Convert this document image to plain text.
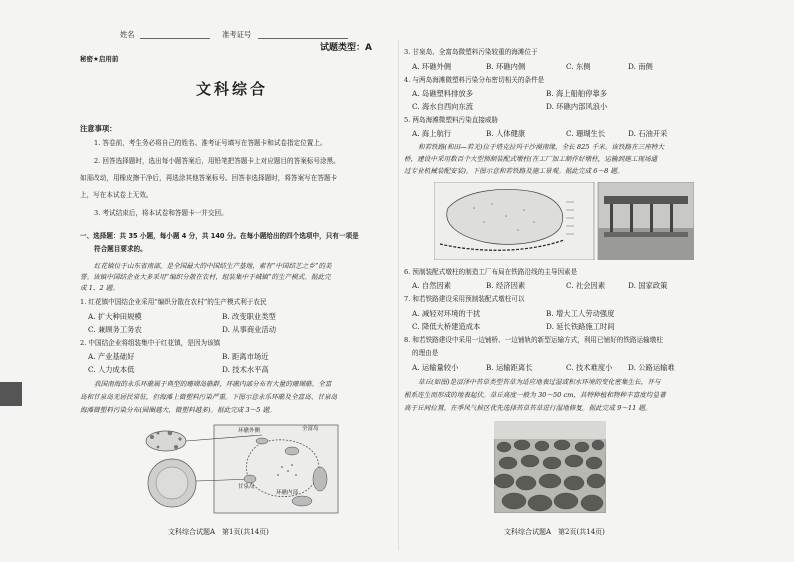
姓名	准考证号
秘密★启用前
文科综合
注意事项：
1. 答卷前，考生务必将自己的姓名、准考证号填写在答题卡和试卷指定位置上。
2. 回答选择题时，选出每小题答案后，用铅笔把答题卡上对应题目的答案标号涂黑。
如需改动，用橡皮擦干净后，再选涂其他答案标号。回答非选择题时，将答案写在答题卡
上，写在本试卷上无效。
3. 考试结束后，将本试卷和答题卡一并交回。
一、选择题：共 35 小题，每小题 4 分，共 140 分。在每小题给出的四个选项中，只有一项是
符合题目要求的。
红花镇位于山东省南部，是全国最大的中国结生产基地，素有“中国结艺之乡”的美
誉。该镇中国结企业大多采用“编织分散在农村，组装集中于城镇”的生产模式。据此完
成 1、2 题。
1. 红花镇中国结企业采用“编织分散在农村”的生产模式利于农民
A. 扩大种田规模	B. 改变职业类型
C. 兼顾务工务农	D. 从事商业活动
2. 中国结企业将组装集中于红花镇，是因为该镇
A. 产业基础好	B. 距离市场近
C. 人力成本低	D. 技术水平高
我国南海的永乐环礁属于典型的珊瑚岛礁群，环礁内部分布有大量的珊瑚礁。全富
岛和甘泉岛无居民常驻，但海滩上微塑料污染严重。下图示意永乐环礁及全富岛、甘泉岛
海滩微塑料污染分布(圆圈越大，微塑料越多)。据此完成 3～5 题。
环礁外侧	全富岛
甘泉岛
环礁内部
文科综合试题A　第1页(共14页)
试题类型：A	3. 甘泉岛、全富岛微塑料污染较重的海滩位于
A. 环礁外侧	B. 环礁内侧	C. 东侧	D. 南侧
4. 与两岛海滩微塑料污染分布密切相关的条件是
A. 岛礁塑料排放多	B. 海上船舶停靠多
C. 海水自西向东流	D. 环礁内部风浪小
5. 两岛海滩微塑料污染直接威胁
A. 海上航行	B. 人体健康	C. 珊瑚生长	D. 石油开采
和若铁路(和田—若羌)位于塔克拉玛干沙漠南缘，全长 825 千米。该铁路在三座特大
桥，建设中采用数百个大型预制装配式墩柱(在工厂加工制作好墩柱，运输到施工现场通
过专业机械装配安装)。下图示意和若铁路及施工景观。据此完成 6～8 题。
6. 预制装配式墩柱的制造工厂布局在铁路沿线的主导因素是
A. 自然因素	B. 经济因素	C. 社会因素	D. 国家政策
7. 和若铁路建设采用预制装配式墩柱可以
A. 减轻对环境的干扰	B. 增大工人劳动强度
C. 降低大桥建造成本	D. 延长铁路施工时间
8. 和若铁路建设中采用一边铺桥、一边铺轨的新型运输方式，利用已铺好的铁路运输墩柱
的理由是
A. 运输量较小	B. 运输距离长	C. 技术难度小 D. 公路运输难
草丘(如图)是沼泽中苔草类型苔草为适应地表过湿或积水环境的变化密集生长，并与
根系连生而形成的地表起伏。草丘高度一般为 30～50 cm，其特种植和物种丰富度均显著
高于丘间位置。在季风气候区优先选择苔草苔草进行湿地修复。据此完成 9～11 题。
文科综合试题A　第2页(共14页)
